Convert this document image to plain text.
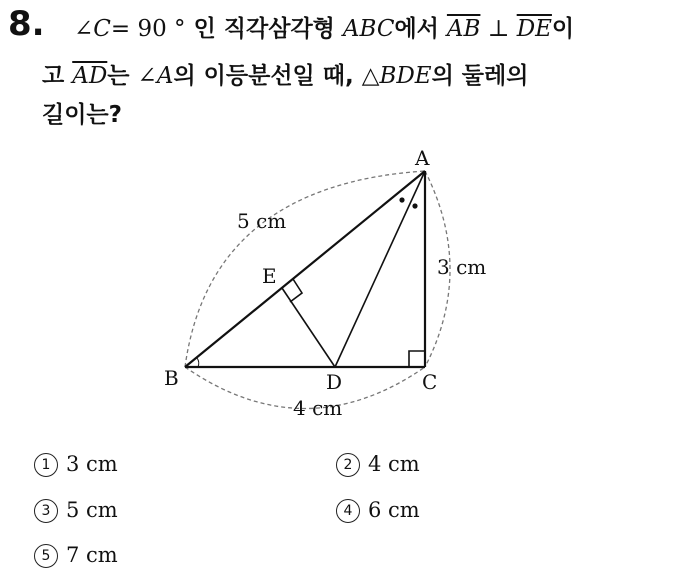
8. ∠C= 90 ° 인 직각삼각형 ABC에서 $\overline{AB}$ ⊥ $\overline{DE}$이
고 $\overline{AD}$는 ∠A의 이등분선일 때, △BDE의 둘레의
길이는?
A
B	C
D
E
5 cm
3 cm
4 cm
1 3 cm	2 4 cm
3 5 cm	4 6 cm
5 7 cm
